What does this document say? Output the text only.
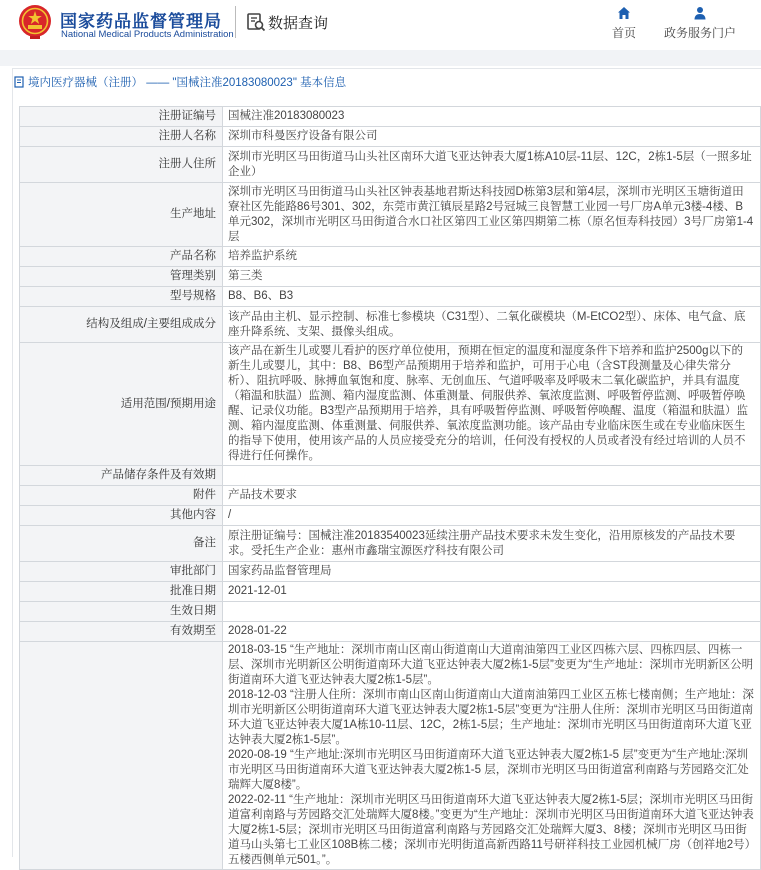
国家药品监督管理局
National Medical Products Administration
数据查询
首页	政务服务门户
境内医疗器械（注册） —— "国械注准20183080023" 基本信息
注册证编号	国械注准20183080023
注册人名称	深圳市科曼医疗设备有限公司
注册人住所	深圳市光明区马田街道马山头社区南环大道飞亚达钟表大厦1栋A10层-11层、12C，2栋1-5层（一照多址企业）
生产地址	深圳市光明区马田街道马山头社区钟表基地君斯达科技园D栋第3层和第4层，深圳市光明区玉塘街道田寮社区先能路86号301、302，东莞市黄江镇辰星路2号冠城三良智慧工业园一号厂房A单元3楼-4楼、B单元302，深圳市光明区马田街道合水口社区第四工业区第四期第二栋（原名恒寿科技园）3号厂房第1-4层
产品名称	培养监护系统
管理类别	第三类
型号规格	B8、B6、B3
结构及组成/主要组成成分	该产品由主机、显示控制、标准七参模块（C31型）、二氧化碳模块（M-EtCO2型）、床体、电气盒、底座升降系统、支架、摄像头组成。
适用范围/预期用途	该产品在新生儿或婴儿看护的医疗单位使用，预期在恒定的温度和湿度条件下培养和监护2500g以下的新生儿或婴儿，其中：B8、B6型产品预期用于培养和监护，可用于心电（含ST段测量及心律失常分析）、阻抗呼吸、脉搏血氧饱和度、脉率、无创血压、气道呼吸率及呼吸末二氧化碳监护，并具有温度（箱温和肤温）监测、箱内湿度监测、体重测量、伺服供养、氧浓度监测、呼吸暂停监测、呼吸暂停唤醒、记录仪功能。B3型产品预期用于培养，具有呼吸暂停监测、呼吸暂停唤醒、温度（箱温和肤温）监测、箱内湿度监测、体重测量、伺服供养、氧浓度监测功能。该产品由专业临床医生或在专业临床医生的指导下使用，使用该产品的人员应接受充分的培训，任何没有授权的人员或者没有经过培训的人员不得进行任何操作。
产品储存条件及有效期	
附件	产品技术要求
其他内容	/
备注	原注册证编号：国械注准20183540023延续注册产品技术要求未发生变化，沿用原核发的产品技术要求。受托生产企业：惠州市鑫瑞宝源医疗科技有限公司
审批部门	国家药品监督管理局
批准日期	2021-12-01
生效日期	
有效期至	2028-01-22

	2018-03-15 “生产地址：深圳市南山区南山街道南山大道南油第四工业区四栋六层、四栋四层、四栋一层、深圳市光明新区公明街道南环大道飞亚达钟表大厦2栋1-5层”变更为“生产地址：深圳市光明新区公明街道南环大道飞亚达钟表大厦2栋1-5层”。
2018-12-03 “注册人住所：深圳市南山区南山街道南山大道南油第四工业区五栋七楼南侧；生产地址：深圳市光明新区公明街道南环大道飞亚达钟表大厦2栋1-5层”变更为“注册人住所：深圳市光明区马田街道南环大道飞亚达钟表大厦1A栋10-11层、12C，2栋1-5层；生产地址：深圳市光明区马田街道南环大道飞亚达钟表大厦2栋1-5层”。
2020-08-19 “生产地址:深圳市光明区马田街道南环大道飞亚达钟表大厦2栋1-5 层”变更为“生产地址:深圳市光明区马田街道南环大道飞亚达钟表大厦2栋1-5 层，深圳市光明区马田街道富利南路与芳园路交汇处瑞辉大厦8楼”。
2022-02-11 “生产地址：深圳市光明区马田街道南环大道飞亚达钟表大厦2栋1-5层；深圳市光明区马田街道富利南路与芳园路交汇处瑞辉大厦8楼。”变更为“生产地址：深圳市光明区马田街道南环大道飞亚达钟表大厦2栋1-5层；深圳市光明区马田街道富利南路与芳园路交汇处瑞辉大厦3、8楼；深圳市光明区马田街道马山头第七工业区108B栋二楼；深圳市光明街道高新西路11号研祥科技工业园机械厂房（创祥地2号）五楼西侧单元501。”。
